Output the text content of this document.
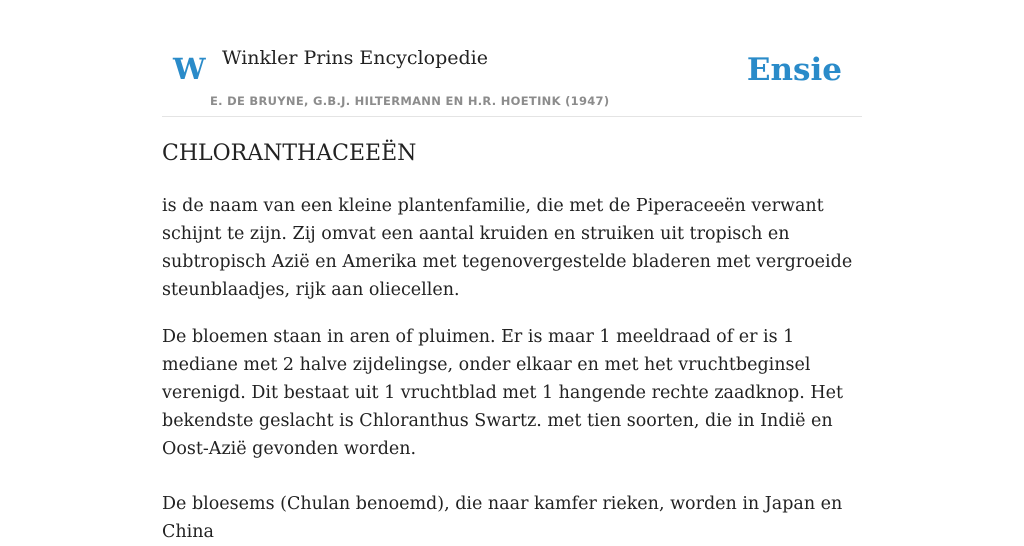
W Winkler Prins Encyclopedie
E. DE BRUYNE, G.B.J. HILTERMANN EN H.R. HOETINK (1947)
Ensie
CHLORANTHACEEËN

is de naam van een kleine plantenfamilie, die met de Piperaceeën verwant schijnt te zijn. Zij omvat een aantal kruiden en struiken uit tropisch en subtropisch Azië en Amerika met tegenovergestelde bladeren met vergroeide steunblaadjes, rijk aan oliecellen.

De bloemen staan in aren of pluimen. Er is maar 1 meeldraad of er is 1 mediane met 2 halve zijdelingse, onder elkaar en met het vruchtbeginsel verenigd. Dit bestaat uit 1 vruchtblad met 1 hangende rechte zaadknop. Het bekendste geslacht is Chloranthus Swartz. met tien soorten, die in Indië en Oost-Azië gevonden worden.

De bloesems (Chulan benoemd), die naar kamfer rieken, worden in Japan en China
